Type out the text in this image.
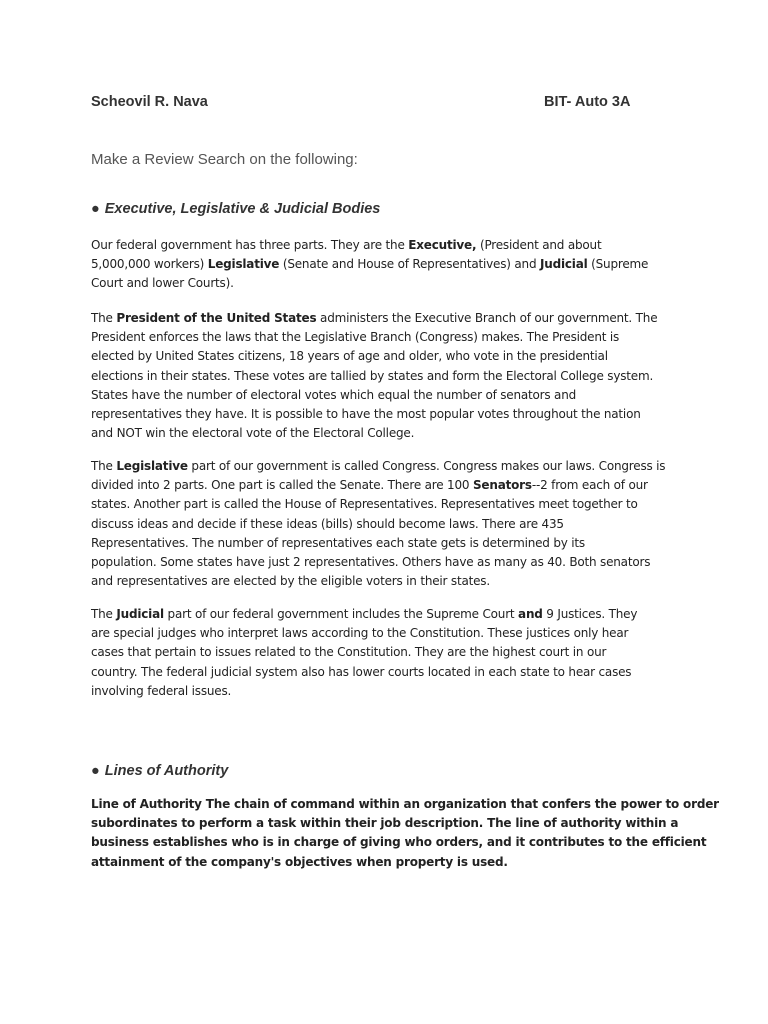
Scheovil R. Nava	BIT- Auto 3A
Make a Review Search on the following:
● Executive, Legislative & Judicial Bodies
Our federal government has three parts. They are the Executive, (President and about
5,000,000 workers) Legislative (Senate and House of Representatives) and Judicial (Supreme
Court and lower Courts).
The President of the United States administers the Executive Branch of our government. The
President enforces the laws that the Legislative Branch (Congress) makes. The President is
elected by United States citizens, 18 years of age and older, who vote in the presidential
elections in their states. These votes are tallied by states and form the Electoral College system.
States have the number of electoral votes which equal the number of senators and
representatives they have. It is possible to have the most popular votes throughout the nation
and NOT win the electoral vote of the Electoral College.
The Legislative part of our government is called Congress. Congress makes our laws. Congress is
divided into 2 parts. One part is called the Senate. There are 100 Senators--2 from each of our
states. Another part is called the House of Representatives. Representatives meet together to
discuss ideas and decide if these ideas (bills) should become laws. There are 435
Representatives. The number of representatives each state gets is determined by its
population. Some states have just 2 representatives. Others have as many as 40. Both senators
and representatives are elected by the eligible voters in their states.
The Judicial part of our federal government includes the Supreme Court and 9 Justices. They
are special judges who interpret laws according to the Constitution. These justices only hear
cases that pertain to issues related to the Constitution. They are the highest court in our
country. The federal judicial system also has lower courts located in each state to hear cases
involving federal issues.
● Lines of Authority
Line of Authority The chain of command within an organization that confers the power to order
subordinates to perform a task within their job description. The line of authority within a
business establishes who is in charge of giving who orders, and it contributes to the efficient
attainment of the company's objectives when property is used.
